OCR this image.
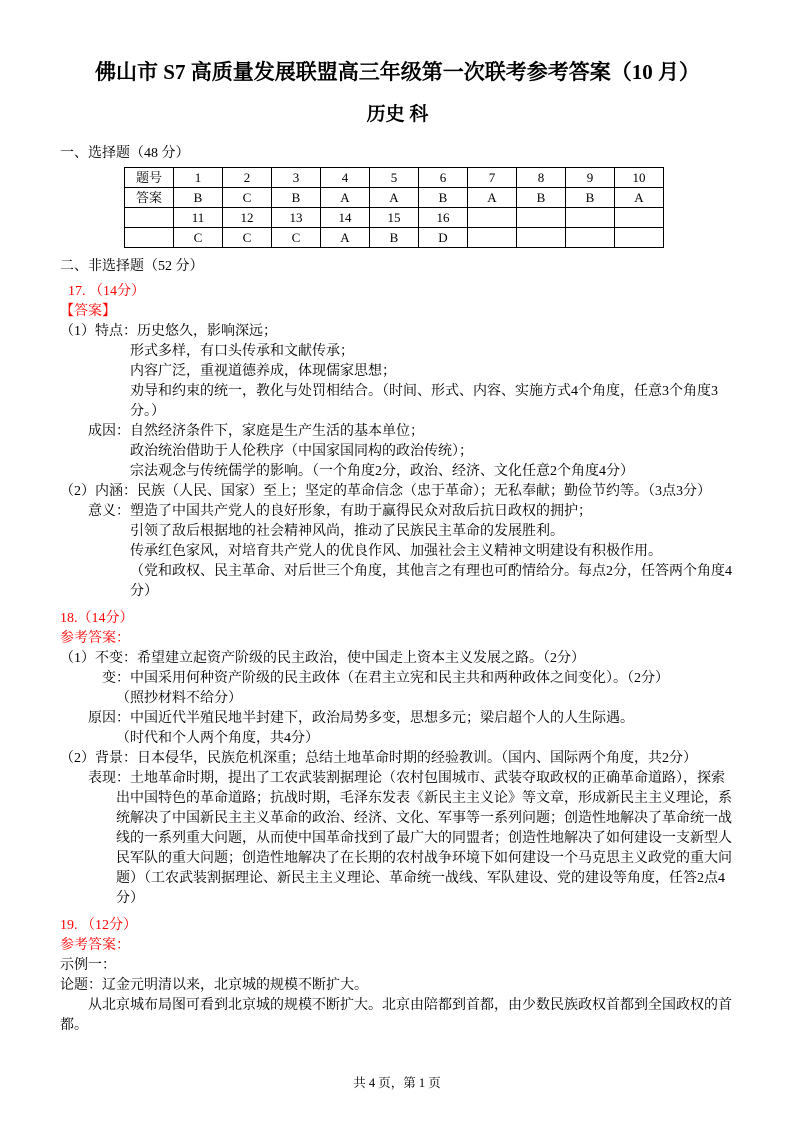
佛山市 S7 高质量发展联盟高三年级第一次联考参考答案（10 月）
历史 科
一、选择题（48 分）
题号	1	2	3	4	5	6	7	8	9	10
答案	B	C	B	A	A	B	A	B	B	A
	11	12	13	14	15	16				
	C	C	C	A	B	D				
二、非选择题（52 分）

17. （14分）

【答案】

（1）特点：历史悠久，影响深远；

形式多样，有口头传承和文献传承；

内容广泛，重视道德养成，体现儒家思想；

劝导和约束的统一，教化与处罚相结合。（时间、形式、内容、实施方式4个角度，任意3个角度3分。）

成因：自然经济条件下，家庭是生产生活的基本单位；

政治统治借助于人伦秩序（中国家国同构的政治传统）；

宗法观念与传统儒学的影响。（一个角度2分，政治、经济、文化任意2个角度4分）

（2）内涵：民族（人民、国家）至上；坚定的革命信念（忠于革命）；无私奉献；勤俭节约等。（3点3分）

意义：塑造了中国共产党人的良好形象，有助于赢得民众对敌后抗日政权的拥护；

引领了敌后根据地的社会精神风尚，推动了民族民主革命的发展胜利。

传承红色家风，对培育共产党人的优良作风、加强社会主义精神文明建设有积极作用。

（党和政权、民主革命、对后世三个角度，其他言之有理也可酌情给分。每点2分，任答两个角度4分）

18.（14分）

参考答案：

（1）不变：希望建立起资产阶级的民主政治，使中国走上资本主义发展之路。（2分）

变：中国采用何种资产阶级的民主政体（在君主立宪和民主共和两种政体之间变化）。（2分）

（照抄材料不给分）

原因：中国近代半殖民地半封建下，政治局势多变，思想多元；梁启超个人的人生际遇。

（时代和个人两个角度，共4分）

（2）背景：日本侵华，民族危机深重；总结土地革命时期的经验教训。（国内、国际两个角度，共2分）

表现：土地革命时期，提出了工农武装割据理论（农村包围城市、武装夺取政权的正确革命道路），探索出中国特色的革命道路；抗战时期，毛泽东发表《新民主主义论》等文章，形成新民主主义理论，系统解决了中国新民主主义革命的政治、经济、文化、军事等一系列问题；创造性地解决了革命统一战线的一系列重大问题，从而使中国革命找到了最广大的同盟者；创造性地解决了如何建设一支新型人民军队的重大问题；创造性地解决了在长期的农村战争环境下如何建设一个马克思主义政党的重大问题）（工农武装割据理论、新民主主义理论、革命统一战线、军队建设、党的建设等角度，任答2点4分）

19. （12分）

参考答案：

示例一：

论题：辽金元明清以来，北京城的规模不断扩大。

从北京城布局图可看到北京城的规模不断扩大。北京由陪都到首都，由少数民族政权首都到全国政权的首都。

共 4 页，第 1 页
